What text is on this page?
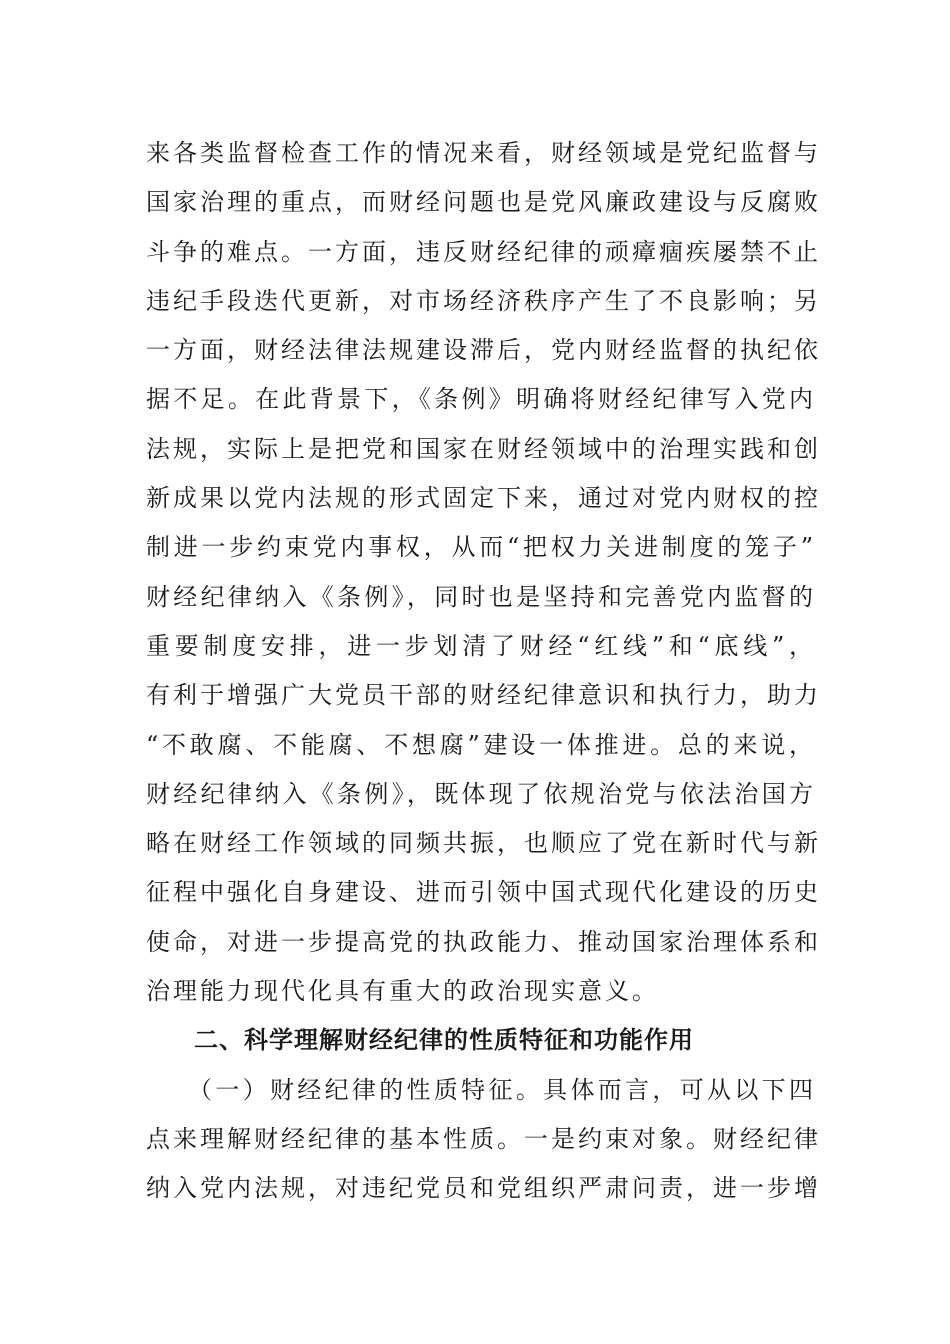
来各类监督检查工作的情况来看，财经领域是党纪监督与
国家治理的重点，而财经问题也是党风廉政建设与反腐败
斗争的难点。一方面，违反财经纪律的顽瘴痼疾屡禁不止
违纪手段迭代更新，对市场经济秩序产生了不良影响；另
一方面，财经法律法规建设滞后，党内财经监督的执纪依
据不足。在此背景下，《条例》明确将财经纪律写入党内
法规，实际上是把党和国家在财经领域中的治理实践和创
新成果以党内法规的形式固定下来，通过对党内财权的控
制进一步约束党内事权，从而“把权力关进制度的笼子”
财经纪律纳入《条例》，同时也是坚持和完善党内监督的
重要制度安排，进一步划清了财经“红线”和“底线”，
有利于增强广大党员干部的财经纪律意识和执行力，助力
“不敢腐、不能腐、不想腐”建设一体推进。总的来说，
财经纪律纳入《条例》，既体现了依规治党与依法治国方
略在财经工作领域的同频共振，也顺应了党在新时代与新
征程中强化自身建设、进而引领中国式现代化建设的历史
使命，对进一步提高党的执政能力、推动国家治理体系和
治理能力现代化具有重大的政治现实意义。
二、科学理解财经纪律的性质特征和功能作用
（一）财经纪律的性质特征。具体而言，可从以下四
点来理解财经纪律的基本性质。一是约束对象。财经纪律
纳入党内法规，对违纪党员和党组织严肃问责，进一步增
